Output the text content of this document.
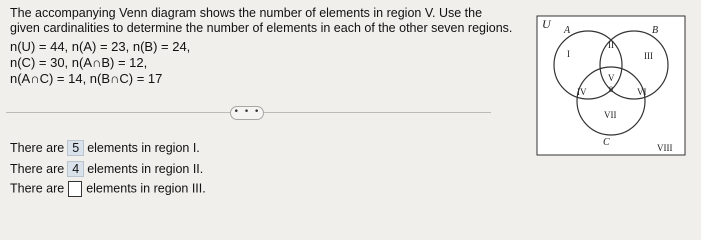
The accompanying Venn diagram shows the number of elements in region V. Use the
given cardinalities to determine the number of elements in each of the other seven regions.
n(U) = 44, n(A) = 23, n(B) = 24,
n(C) = 30, n(A∩B) = 12,
n(A∩C) = 14, n(B∩C) = 17
• • •
There are 5 elements in region I.
There are 4 elements in region II.
There are elements in region III.
U A	B
C
I
II
III
IV
V
8	VI
VII
VIII
